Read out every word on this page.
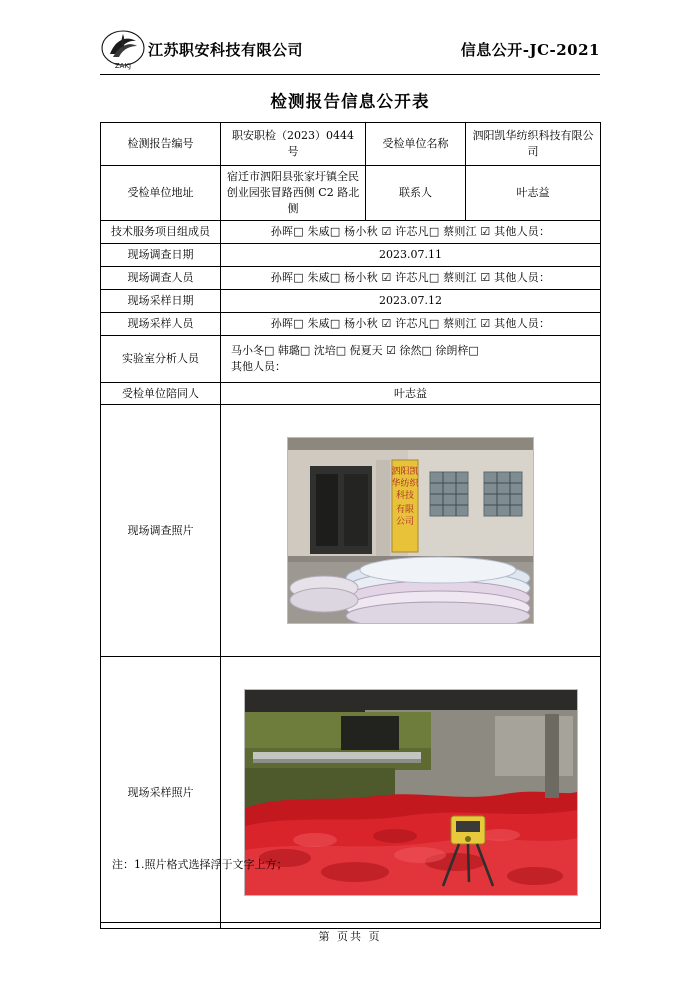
ZAKJ
江苏职安科技有限公司	信息公开-JC-2021
检测报告信息公开表
检测报告编号	职安职检（2023）0444 号	受检单位名称	泗阳凯华纺织科技有限公司
受检单位地址	宿迁市泗阳县张家圩镇全民创业园张冒路西侧 C2 路北侧	联系人	叶志益
技术服务项目组成员	孙晖□ 朱威□ 杨小秋 ☑ 许芯凡□ 蔡则江 ☑ 其他人员：		
现场调查日期	2023.07.11		
现场调查人员	孙晖□ 朱威□ 杨小秋 ☑ 许芯凡□ 蔡则江 ☑ 其他人员：		
现场采样日期	2023.07.12		
现场采样人员	孙晖□ 朱威□ 杨小秋 ☑ 许芯凡□ 蔡则江 ☑ 其他人员：		
实验室分析人员	马小冬□ 韩璐□ 沈培□ 倪夏天 ☑ 徐然□ 徐朗梓□
其他人员：		

受检单位陪同人	叶志益		
现场调查照片	泗阳凯
华纺织
科技
有限
公司		

现场采样照片	
注：1.照片格式选择浮于文字上方；
第 页共 页
